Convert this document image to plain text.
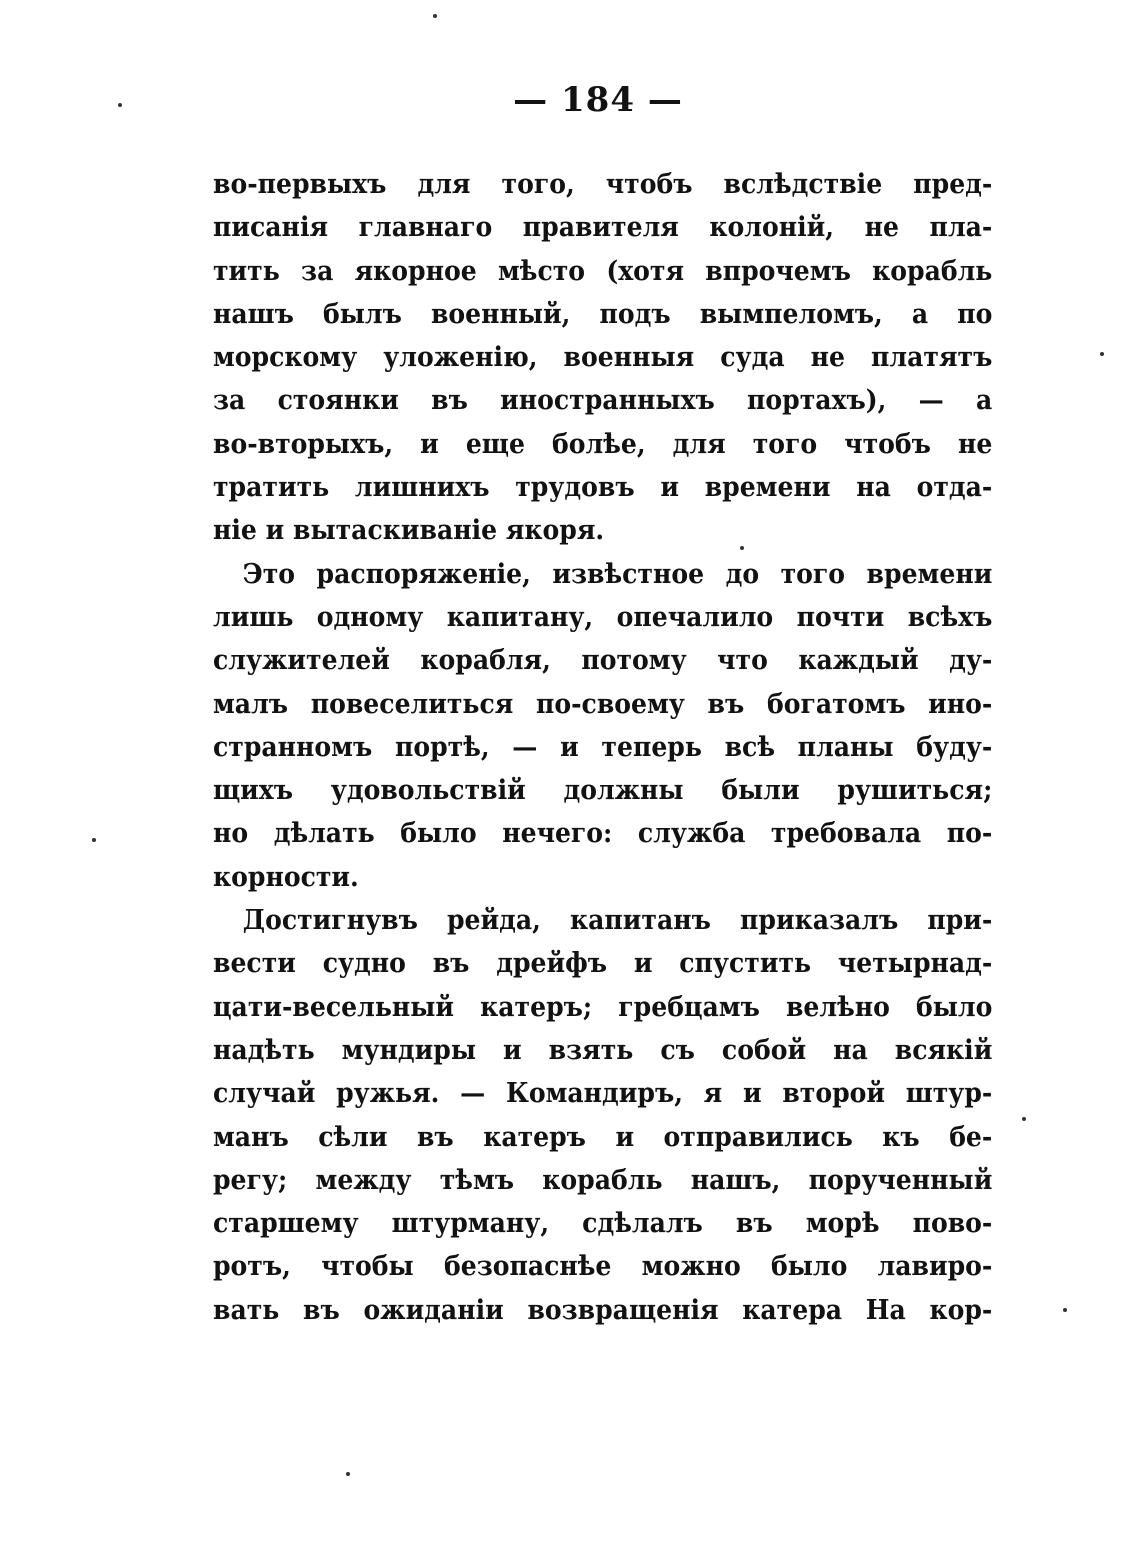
— 184 —
во-первыхъ для того, чтобъ вслѣдствіе пред-
писанія главнаго правителя колоній, не пла-
тить за якорное мѣсто (хотя впрочемъ корабль
нашъ былъ военный, подъ вымпеломъ, а по
морскому уложенію, военныя суда не платятъ
за стоянки въ иностранныхъ портахъ), — а
во-вторыхъ, и еще болѣе, для того чтобъ не
тратить лишнихъ трудовъ и времени на отда-
ніе и вытаскиваніе якоря.
Это распоряженіе, извѣстное до того времени
лишь одному капитану, опечалило почти всѣхъ
служителей корабля, потому что каждый ду-
малъ повеселиться по-своему въ богатомъ ино-
странномъ портѣ, — и теперь всѣ планы буду-
щихъ удовольствій должны были рушиться;
но дѣлать было нечего: служба требовала по-
корности.
Достигнувъ рейда, капитанъ приказалъ при-
вести судно въ дрейфъ и спустить четырнад-
цати-весельный катеръ; гребцамъ велѣно было
надѣть мундиры и взять съ собой на всякій
случай ружья. — Командиръ, я и второй штур-
манъ сѣли въ катеръ и отправились къ бе-
регу; между тѣмъ корабль нашъ, порученный
старшему штурману, сдѣлалъ въ морѣ пово-
ротъ, чтобы безопаснѣе можно было лавиро-
вать въ ожиданіи возвращенія катера На кор-
